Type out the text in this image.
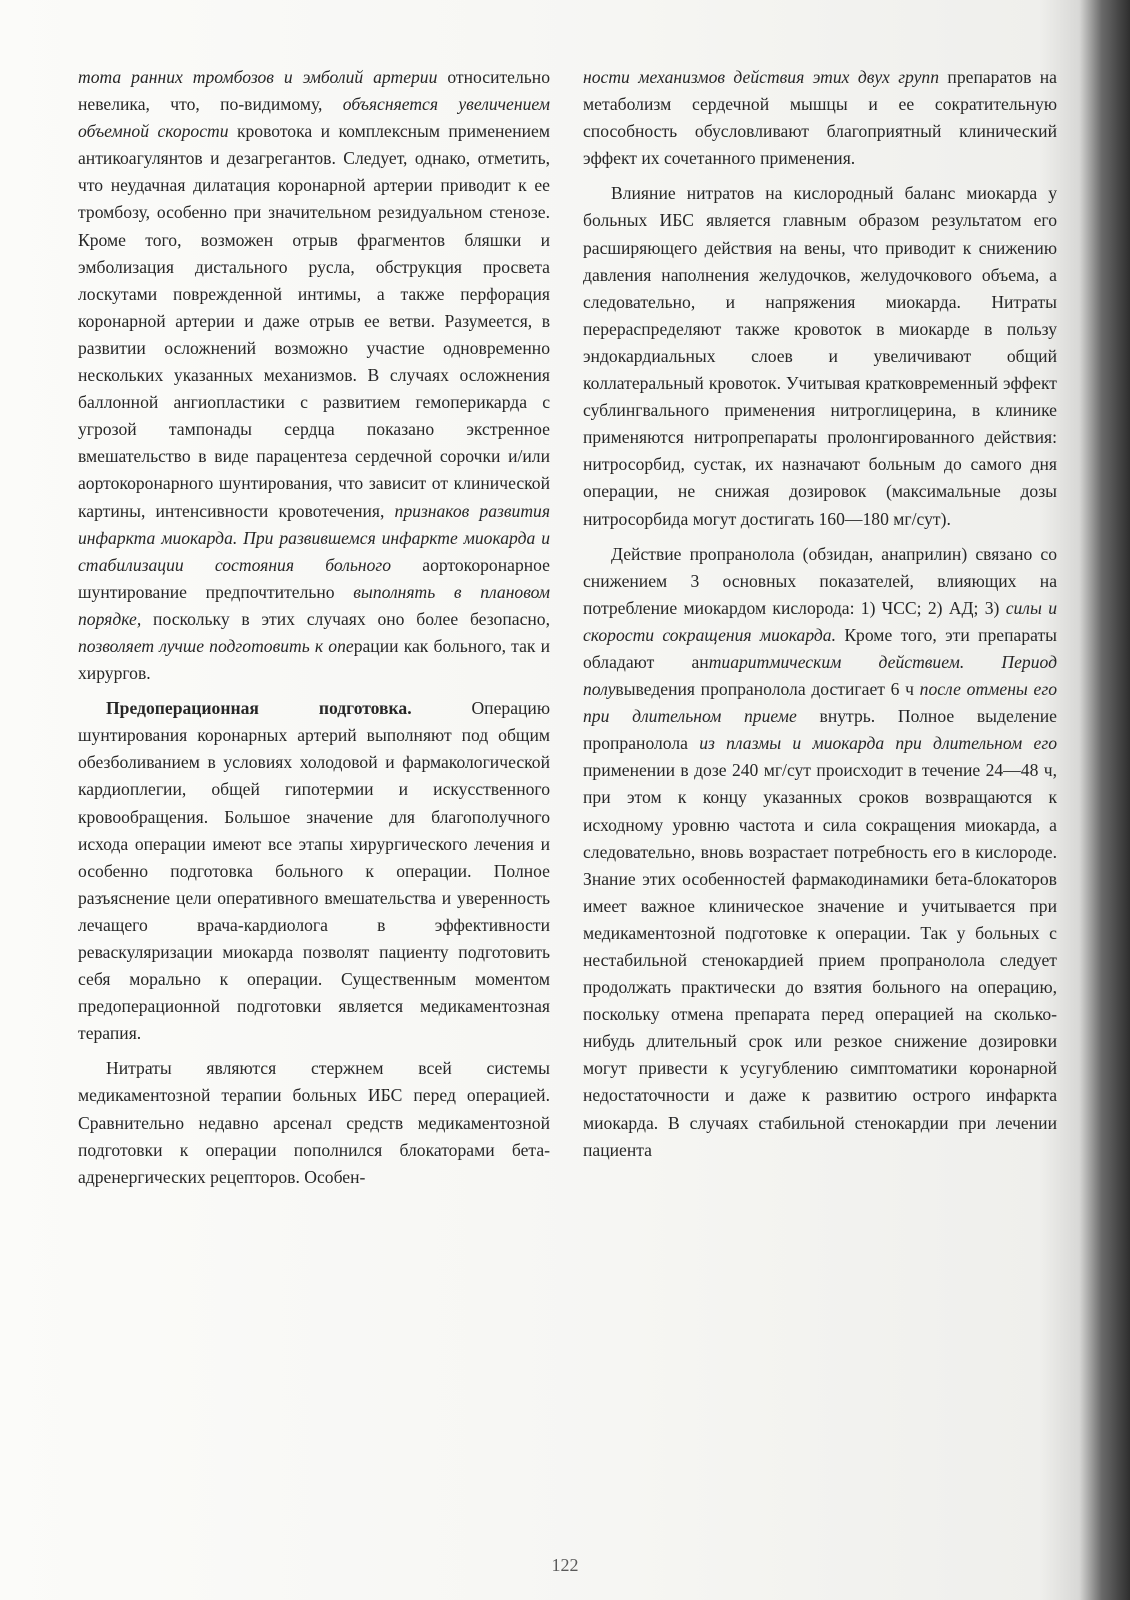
тота ранних тромбозов и эмболий артерии относительно невелика, что, по-видимому, объясняется увеличением объемной скорости кровотока и комплексным применением антикоагулянтов и дезагрегантов. Следует, однако, отметить, что неудачная дилатация коронарной артерии приводит к ее тромбозу, особенно при значительном резидуальном стенозе. Кроме того, возможен отрыв фрагментов бляшки и эмболизация дистального русла, обструкция просвета лоскутами поврежденной интимы, а также перфорация коронарной артерии и даже отрыв ее ветви. Разумеется, в развитии осложнений возможно участие одновременно нескольких указанных механизмов. В случаях осложнения баллонной ангиопластики с развитием гемоперикарда с угрозой тампонады сердца показано экстренное вмешательство в виде парацентеза сердечной сорочки и/или аортокоронарного шунтирования, что зависит от клинической картины, интенсивности кровотечения, признаков развития инфаркта миокарда. При развившемся инфаркте миокарда и стабилизации состояния больного аортокоронарное шунтирование предпочтительно выполнять в плановом порядке, поскольку в этих случаях оно более безопасно, позволяет лучше подготовить к операции как больного, так и хирургов.

Предоперационная подготовка. Операцию шунтирования коронарных артерий выполняют под общим обезболиванием в условиях холодовой и фармакологической кардиоплегии, общей гипотермии и искусственного кровообращения. Большое значение для благополучного исхода операции имеют все этапы хирургического лечения и особенно подготовка больного к операции. Полное разъяснение цели оперативного вмешательства и уверенность лечащего врача-кардиолога в эффективности реваскуляризации миокарда позволят пациенту подготовить себя морально к операции. Существенным моментом предоперационной подготовки является медикаментозная терапия.

Нитраты являются стержнем всей системы медикаментозной терапии больных ИБС перед операцией. Сравнительно недавно арсенал средств медикаментозной подготовки к операции пополнился блокаторами бета-адренергических рецепторов. Особен-

ности механизмов действия этих двух групп препаратов на метаболизм сердечной мышцы и ее сократительную способность обусловливают благоприятный клинический эффект их сочетанного применения.

Влияние нитратов на кислородный баланс миокарда у больных ИБС является главным образом результатом его расширяющего действия на вены, что приводит к снижению давления наполнения желудочков, желудочкового объема, а следовательно, и напряжения миокарда. Нитраты перераспределяют также кровоток в миокарде в пользу эндокардиальных слоев и увеличивают общий коллатеральный кровоток. Учитывая кратковременный эффект сублингвального применения нитроглицерина, в клинике применяются нитропрепараты пролонгированного действия: нитросорбид, сустак, их назначают больным до самого дня операции, не снижая дозировок (максимальные дозы нитросорбида могут достигать 160—180 мг/сут).

Действие пропранолола (обзидан, анаприлин) связано со снижением 3 основных показателей, влияющих на потребление миокардом кислорода: 1) ЧСС; 2) АД; 3) силы и скорости сокращения миокарда. Кроме того, эти препараты обладают антиаритмическим действием. Период полувыведения пропранолола достигает 6 ч после отмены его при длительном приеме внутрь. Полное выделение пропранолола из плазмы и миокарда при длительном его применении в дозе 240 мг/сут происходит в течение 24—48 ч, при этом к концу указанных сроков возвращаются к исходному уровню частота и сила сокращения миокарда, а следовательно, вновь возрастает потребность его в кислороде. Знание этих особенностей фармакодинамики бета-блокаторов имеет важное клиническое значение и учитывается при медикаментозной подготовке к операции. Так у больных с нестабильной стенокардией прием пропранолола следует продолжать практически до взятия больного на операцию, поскольку отмена препарата перед операцией на сколько-нибудь длительный срок или резкое снижение дозировки могут привести к усугублению симптоматики коронарной недостаточности и даже к развитию острого инфаркта миокарда. В случаях стабильной стенокардии при лечении пациента

122
